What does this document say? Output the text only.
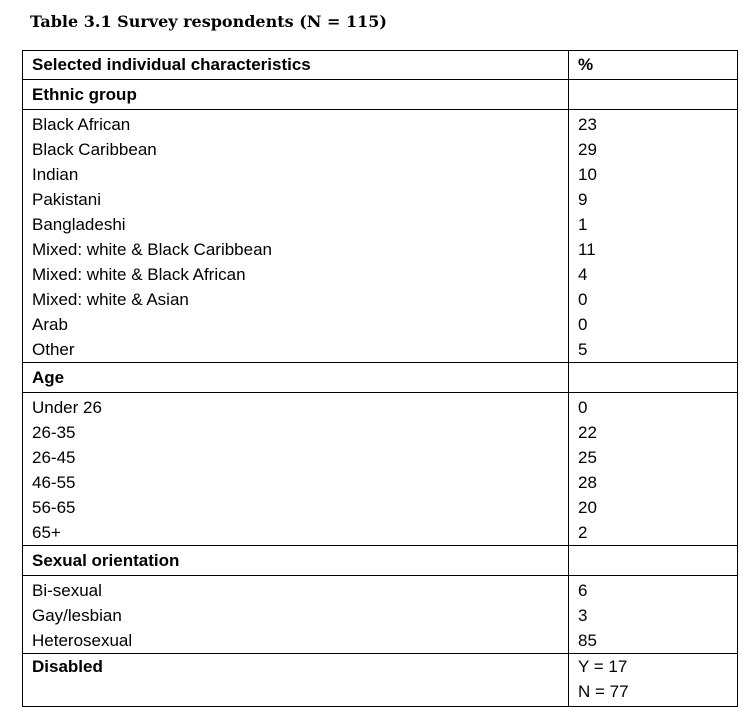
Table 3.1 Survey respondents (N = 115)
Selected individual characteristics	%
Ethnic group	
Black African	23
Black Caribbean	29
Indian	10
Pakistani	9
Bangladeshi	1
Mixed: white & Black Caribbean	11
Mixed: white & Black African	4
Mixed: white & Asian	0
Arab	0
Other	5
Age	
Under 26	0
26-35	22
26-45	25
46-55	28
56-65	20
65+	2
Sexual orientation	
Bi-sexual	6
Gay/lesbian	3
Heterosexual	85
Disabled	Y = 17
N = 77
